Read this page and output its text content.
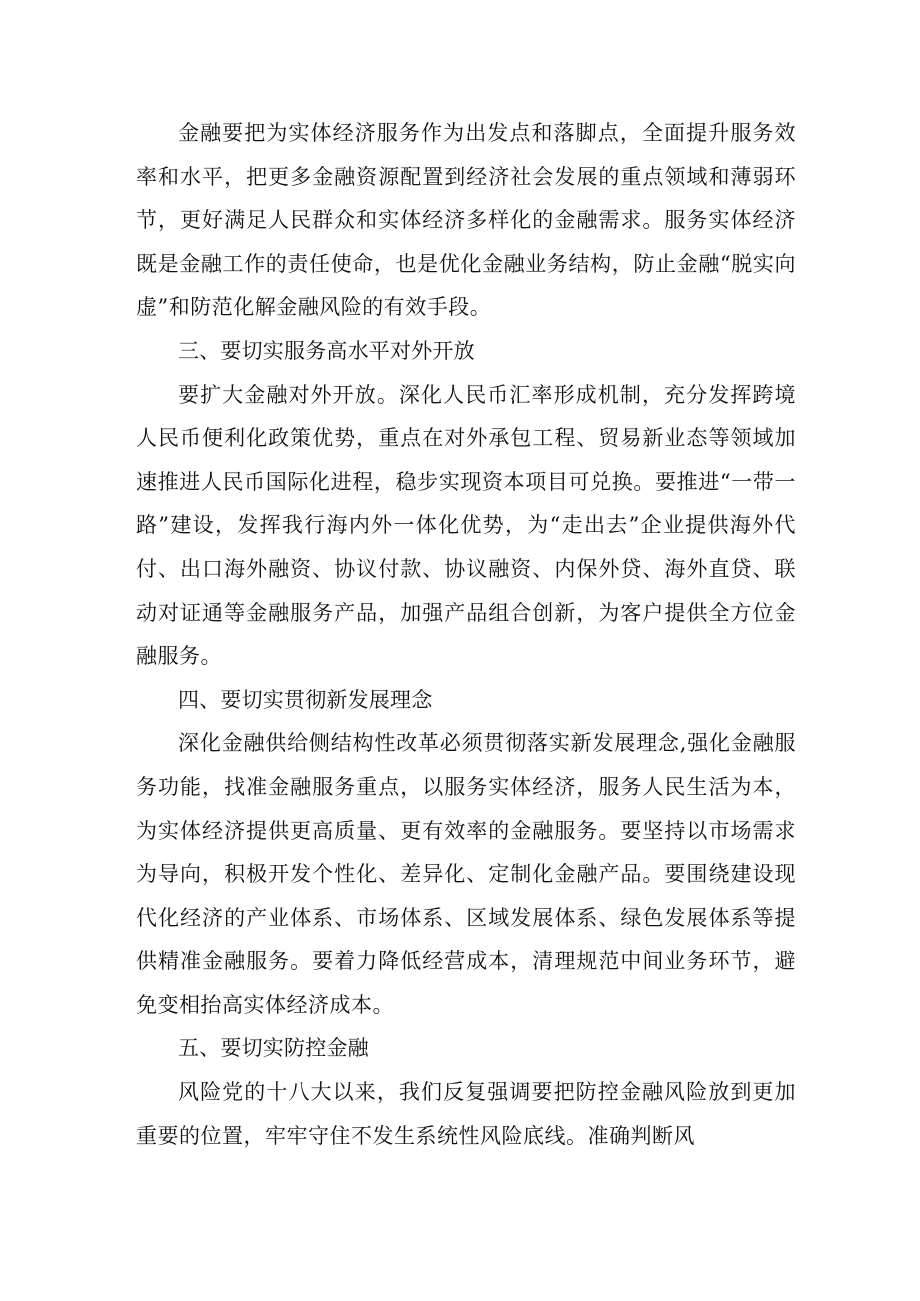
金融要把为实体经济服务作为出发点和落脚点，全面提升服务效率和水平，把更多金融资源配置到经济社会发展的重点领域和薄弱环节，更好满足人民群众和实体经济多样化的金融需求。服务实体经济既是金融工作的责任使命，也是优化金融业务结构，防止金融“脱实向虚”和防范化解金融风险的有效手段。

三、要切实服务高水平对外开放

要扩大金融对外开放。深化人民币汇率形成机制，充分发挥跨境人民币便利化政策优势，重点在对外承包工程、贸易新业态等领域加速推进人民币国际化进程，稳步实现资本项目可兑换。要推进“一带一路”建设，发挥我行海内外一体化优势，为“走出去”企业提供海外代付、出口海外融资、协议付款、协议融资、内保外贷、海外直贷、联动对证通等金融服务产品，加强产品组合创新，为客户提供全方位金融服务。

四、要切实贯彻新发展理念

深化金融供给侧结构性改革必须贯彻落实新发展理念,强化金融服务功能，找准金融服务重点，以服务实体经济，服务人民生活为本，为实体经济提供更高质量、更有效率的金融服务。要坚持以市场需求为导向，积极开发个性化、差异化、定制化金融产品。要围绕建设现代化经济的产业体系、市场体系、区域发展体系、绿色发展体系等提供精准金融服务。要着力降低经营成本，清理规范中间业务环节，避免变相抬高实体经济成本。

五、要切实防控金融

风险党的十八大以来，我们反复强调要把防控金融风险放到更加重要的位置，牢牢守住不发生系统性风险底线。准确判断风
